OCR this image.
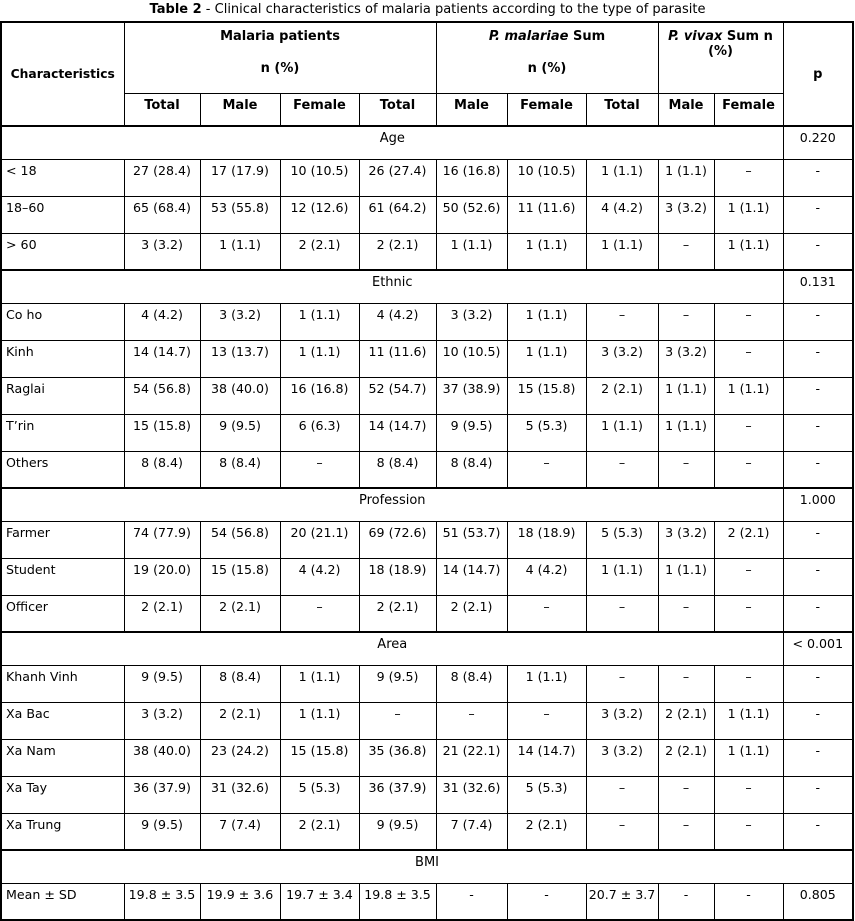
Table 2 - Clinical characteristics of malaria patients according to the type of parasite
Characteristics	
Malaria patients
n (%)

P. malariae Sum
n (%)

P. vivax Sum n (%)
	p
	Total	Male	Female	Total	Male	Female	Total	Male	Female	
Age										0.220
< 18	27 (28.4)	17 (17.9)	10 (10.5)	26 (27.4)	16 (16.8)	10 (10.5)	1 (1.1)	1 (1.1)	–	-
18–60	65 (68.4)	53 (55.8)	12 (12.6)	61 (64.2)	50 (52.6)	11 (11.6)	4 (4.2)	3 (3.2)	1 (1.1)	-
> 60	3 (3.2)	1 (1.1)	2 (2.1)	2 (2.1)	1 (1.1)	1 (1.1)	1 (1.1)	–	1 (1.1)	-
Ethnic										0.131
Co ho	4 (4.2)	3 (3.2)	1 (1.1)	4 (4.2)	3 (3.2)	1 (1.1)	–	–	–	-
Kinh	14 (14.7)	13 (13.7)	1 (1.1)	11 (11.6)	10 (10.5)	1 (1.1)	3 (3.2)	3 (3.2)	–	-
Raglai	54 (56.8)	38 (40.0)	16 (16.8)	52 (54.7)	37 (38.9)	15 (15.8)	2 (2.1)	1 (1.1)	1 (1.1)	-
T’rin	15 (15.8)	9 (9.5)	6 (6.3)	14 (14.7)	9 (9.5)	5 (5.3)	1 (1.1)	1 (1.1)	–	-
Others	8 (8.4)	8 (8.4)	–	8 (8.4)	8 (8.4)	–	–	–	–	-
Profession										1.000
Farmer	74 (77.9)	54 (56.8)	20 (21.1)	69 (72.6)	51 (53.7)	18 (18.9)	5 (5.3)	3 (3.2)	2 (2.1)	-
Student	19 (20.0)	15 (15.8)	4 (4.2)	18 (18.9)	14 (14.7)	4 (4.2)	1 (1.1)	1 (1.1)	–	-
Officer	2 (2.1)	2 (2.1)	–	2 (2.1)	2 (2.1)	–	–	–	–	-
Area										< 0.001
Khanh Vinh	9 (9.5)	8 (8.4)	1 (1.1)	9 (9.5)	8 (8.4)	1 (1.1)	–	–	–	-
Xa Bac	3 (3.2)	2 (2.1)	1 (1.1)	–	–	–	3 (3.2)	2 (2.1)	1 (1.1)	-
Xa Nam	38 (40.0)	23 (24.2)	15 (15.8)	35 (36.8)	21 (22.1)	14 (14.7)	3 (3.2)	2 (2.1)	1 (1.1)	-
Xa Tay	36 (37.9)	31 (32.6)	5 (5.3)	36 (37.9)	31 (32.6)	5 (5.3)	–	–	–	-
Xa Trung	9 (9.5)	7 (7.4)	2 (2.1)	9 (9.5)	7 (7.4)	2 (2.1)	–	–	–	-
BMI										
Mean ± SD	19.8 ± 3.5	19.9 ± 3.6	19.7 ± 3.4	19.8 ± 3.5	-	-	20.7 ± 3.7	-	-	0.805
